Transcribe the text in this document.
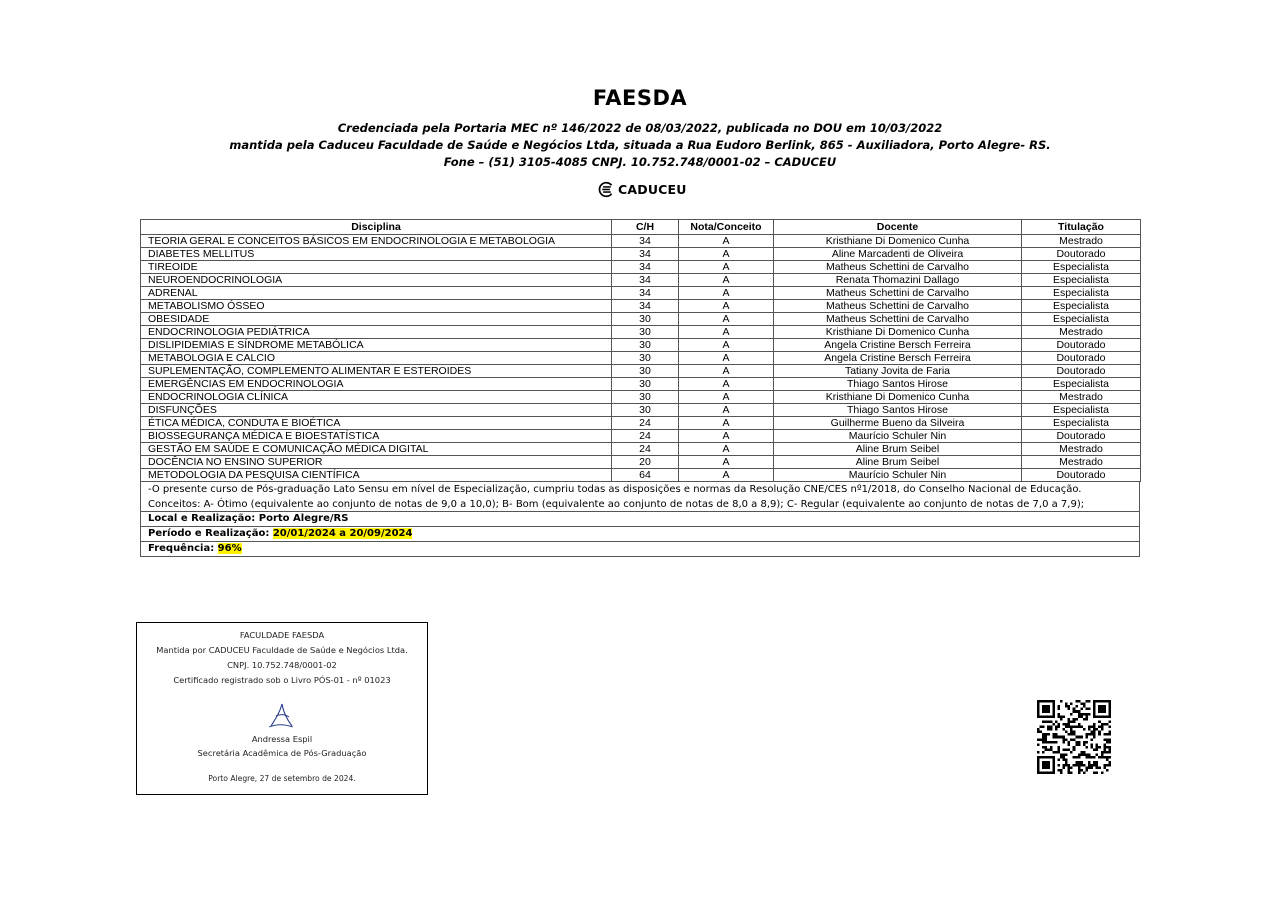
FAESDA
Credenciada pela Portaria MEC nº 146/2022 de 08/03/2022, publicada no DOU em 10/03/2022
mantida pela Caduceu Faculdade de Saúde e Negócios Ltda, situada a Rua Eudoro Berlink, 865 - Auxiliadora, Porto Alegre- RS.
Fone – (51) 3105-4085 CNPJ. 10.752.748/0001-02 – CADUCEU
CADUCEU
Disciplina	C/H	Nota/Conceito	Docente	Titulação
TEORIA GERAL E CONCEITOS BÁSICOS EM ENDOCRINOLOGIA E METABOLOGIA	34	A	Kristhiane Di Domenico Cunha	Mestrado
DIABETES MELLITUS	34	A	Aline Marcadenti de Oliveira	Doutorado
TIREOIDE	34	A	Matheus Schettini de Carvalho	Especialista
NEUROENDOCRINOLOGIA	34	A	Renata Thomazini Dallago	Especialista
ADRENAL	34	A	Matheus Schettini de Carvalho	Especialista
METABOLISMO ÓSSEO	34	A	Matheus Schettini de Carvalho	Especialista
OBESIDADE	30	A	Matheus Schettini de Carvalho	Especialista
ENDOCRINOLOGIA PEDIÁTRICA	30	A	Kristhiane Di Domenico Cunha	Mestrado
DISLIPIDEMIAS E SÍNDROME METABÓLICA	30	A	Angela Cristine Bersch Ferreira	Doutorado
METABOLOGIA E CALCIO	30	A	Angela Cristine Bersch Ferreira	Doutorado
SUPLEMENTAÇÃO, COMPLEMENTO ALIMENTAR E ESTEROIDES	30	A	Tatiany Jovita de Faria	Doutorado
EMERGÊNCIAS EM ENDOCRINOLOGIA	30	A	Thiago Santos Hirose	Especialista
ENDOCRINOLOGIA CLÍNICA	30	A	Kristhiane Di Domenico Cunha	Mestrado
DISFUNÇÕES	30	A	Thiago Santos Hirose	Especialista
ÉTICA MÉDICA, CONDUTA E BIOÉTICA	24	A	Guilherme Bueno da Silveira	Especialista
BIOSSEGURANÇA MÉDICA E BIOESTATÍSTICA	24	A	Maurício Schuler Nin	Doutorado
GESTÃO EM SAÚDE E COMUNICAÇÃO MÉDICA DIGITAL	24	A	Aline Brum Seibel	Mestrado
DOCÊNCIA NO ENSINO SUPERIOR	20	A	Aline Brum Seibel	Mestrado
METODOLOGIA DA PESQUISA CIENTÍFICA	64	A	Maurício Schuler Nin	Doutorado
-O presente curso de Pós-graduação Lato Sensu em nível de Especialização, cumpriu todas as disposições e normas da Resolução CNE/CES nº1/2018, do Conselho Nacional de Educação.
Conceitos: A- Ótimo (equivalente ao conjunto de notas de 9,0 a 10,0); B- Bom (equivalente ao conjunto de notas de 8,0 a 8,9); C- Regular (equivalente ao conjunto de notas de 7,0 a 7,9);
Local e Realização: Porto Alegre/RS
Período e Realização: 20/01/2024 a 20/09/2024
Frequência: 96%
FACULDADE FAESDA
Mantida por CADUCEU Faculdade de Saúde e Negócios Ltda.
CNPJ. 10.752.748/0001-02
Certificado registrado sob o Livro PÓS-01 - nº 01023
Andressa Espil
Secretária Acadêmica de Pós-Graduação
Porto Alegre, 27 de setembro de 2024.
